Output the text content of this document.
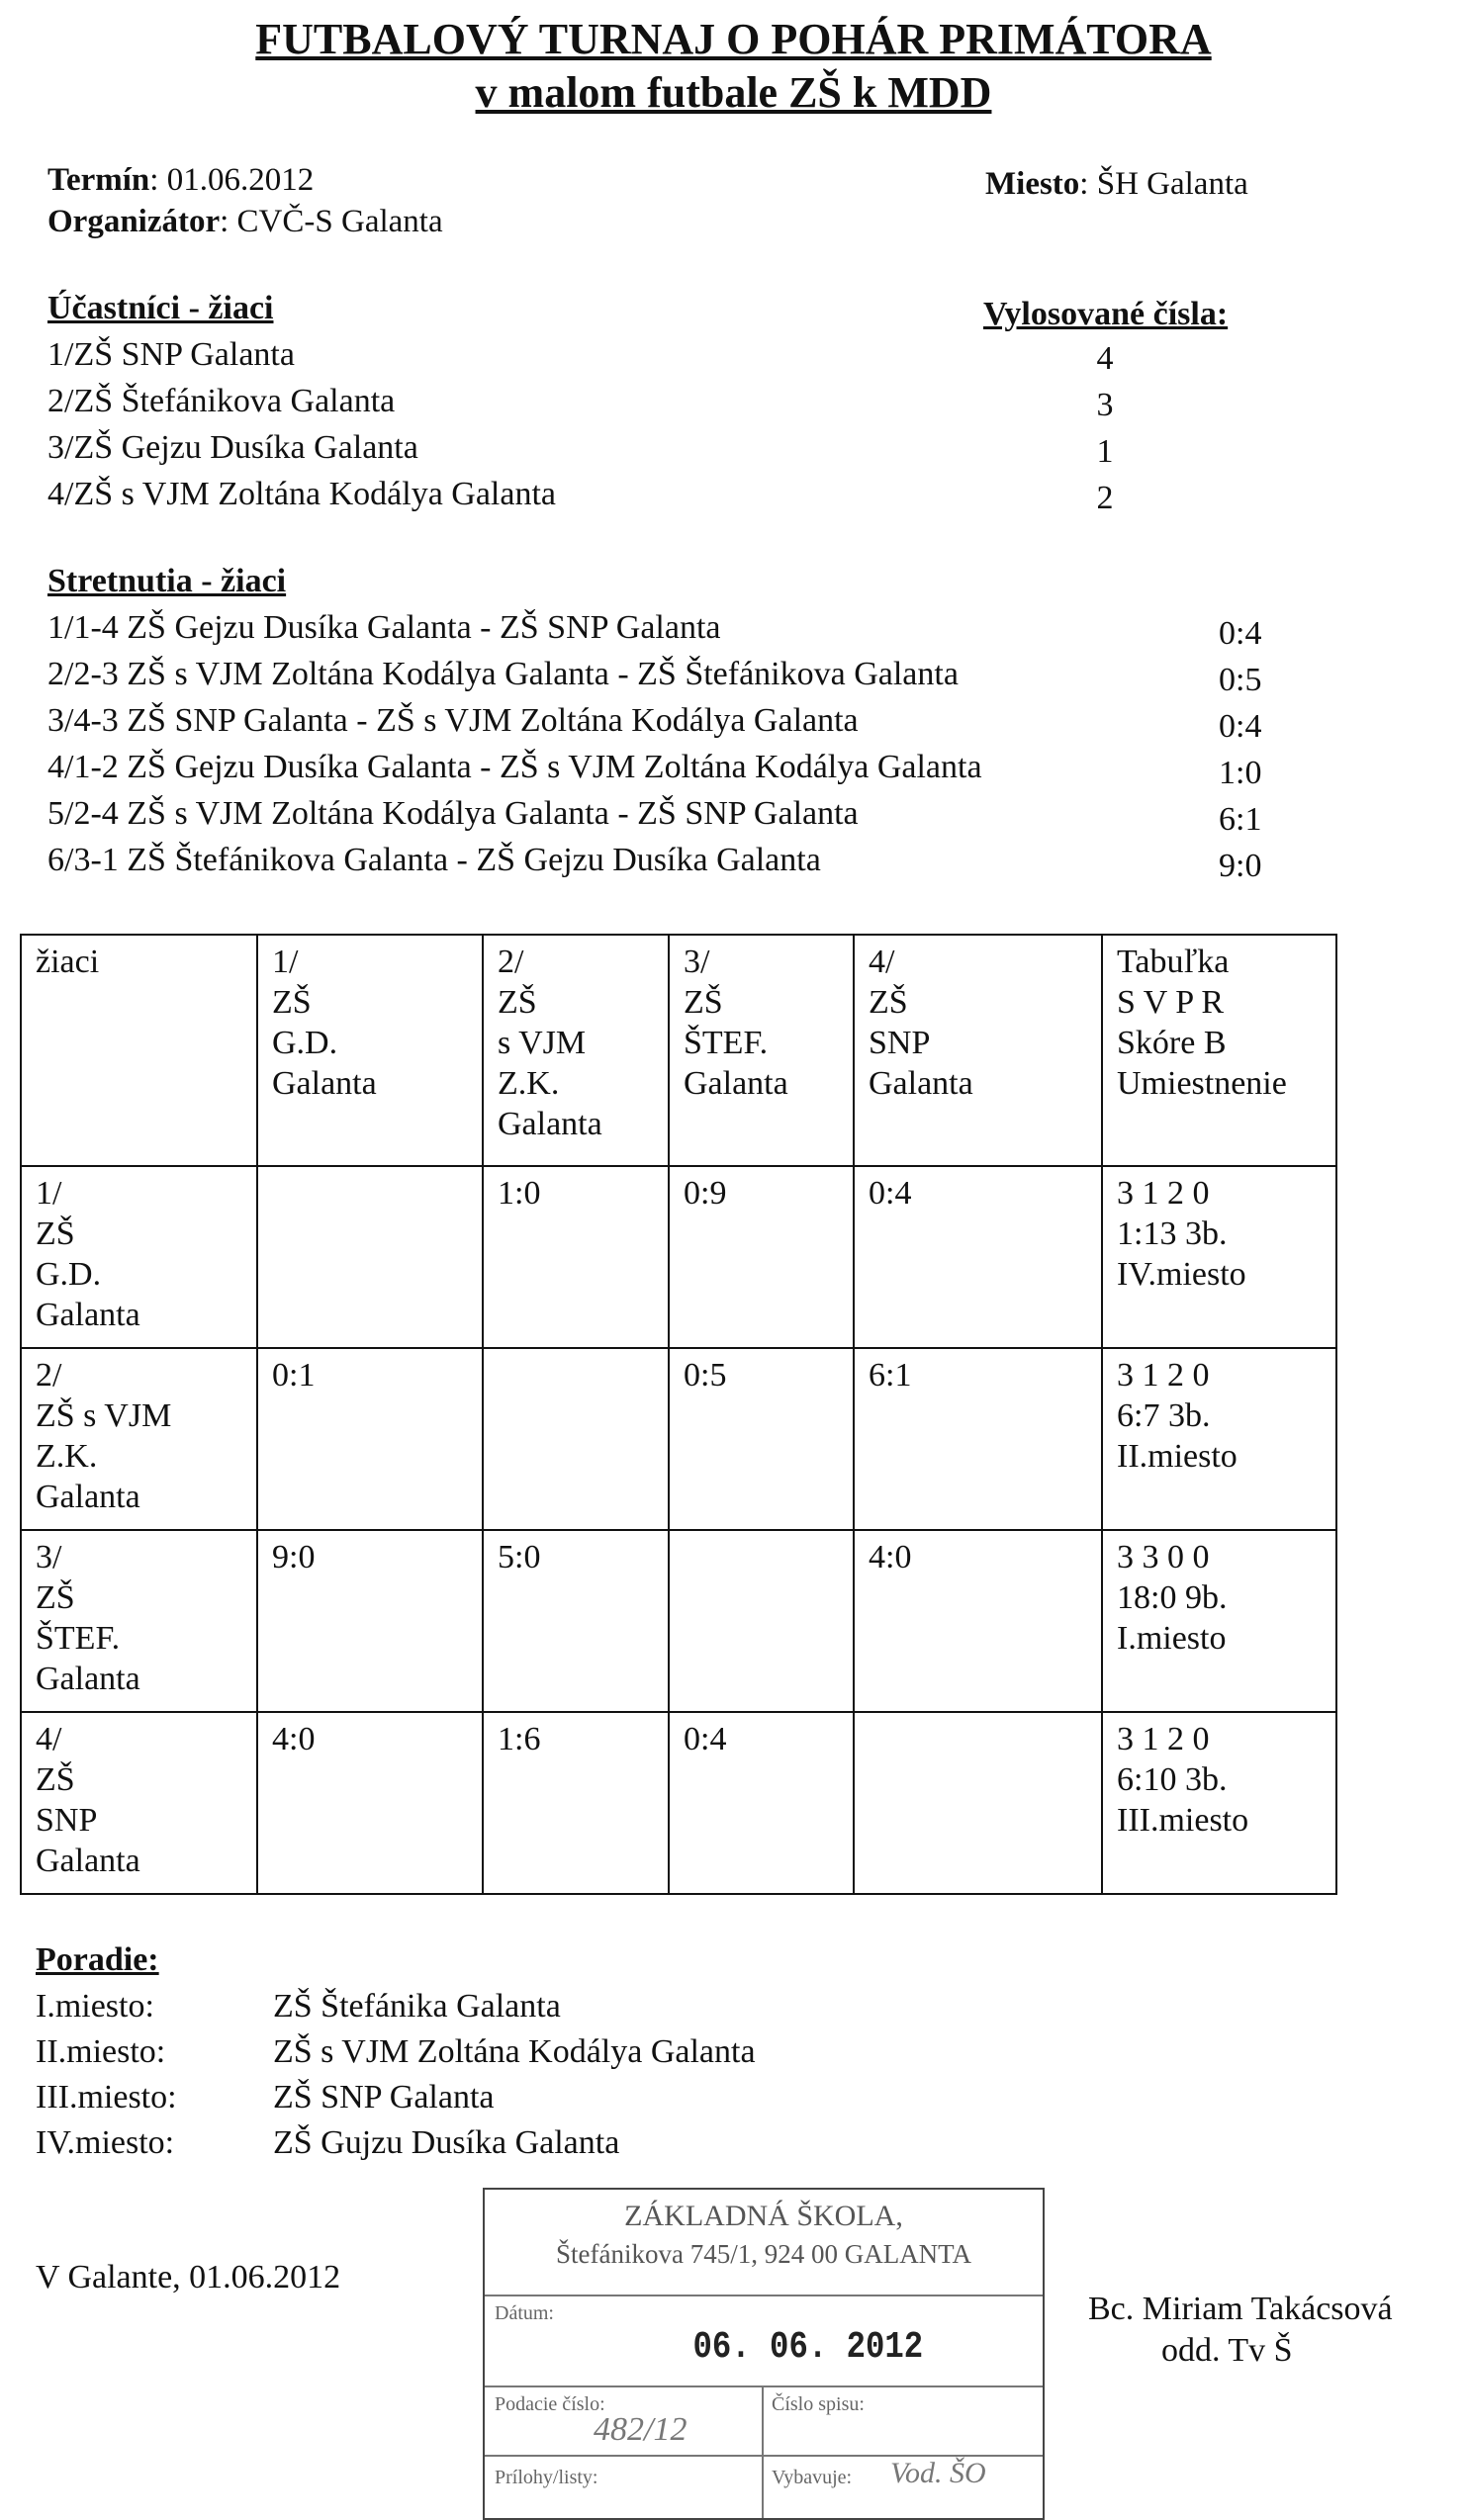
FUTBALOVÝ TURNAJ O POHÁR PRIMÁTORA
v malom futbale ZŠ k MDD
Termín: 01.06.2012
Organizátor: CVČ-S Galanta
Miesto: ŠH Galanta
Účastníci - žiaci	Vylosované čísla:
1/ZŠ SNP Galanta	4
2/ZŠ Štefánikova Galanta	3
3/ZŠ Gejzu Dusíka Galanta	1
4/ZŠ s VJM Zoltána Kodálya Galanta	2
Stretnutia - žiaci
1/1-4 ZŠ Gejzu Dusíka Galanta - ZŠ SNP Galanta	0:4
2/2-3 ZŠ s VJM Zoltána Kodálya Galanta - ZŠ Štefánikova Galanta	0:5
3/4-3 ZŠ SNP Galanta - ZŠ s VJM Zoltána Kodálya Galanta	0:4
4/1-2 ZŠ Gejzu Dusíka Galanta - ZŠ s VJM Zoltána Kodálya Galanta	1:0
5/2-4 ZŠ s VJM Zoltána Kodálya Galanta - ZŠ SNP Galanta	6:1
6/3-1 ZŠ Štefánikova Galanta - ZŠ Gejzu Dusíka Galanta	9:0
žiaci	1/
ZŠ
G.D.
Galanta	2/
ZŠ
s VJM
Z.K.
Galanta	3/
ZŠ
ŠTEF.
Galanta	4/
ZŠ
SNP
Galanta	Tabuľka
S V P R
Skóre B
Umiestnenie
1/
ZŠ
G.D.
Galanta		1:0	0:9	0:4	3 1 2 0
1:13 3b.
IV.miesto
2/
ZŠ s VJM
Z.K.
Galanta	0:1		0:5	6:1	3 1 2 0
6:7 3b.
II.miesto
3/
ZŠ
ŠTEF.
Galanta	9:0	5:0		4:0	3 3 0 0
18:0 9b.
I.miesto
4/
ZŠ
SNP
Galanta	4:0	1:6	0:4		3 1 2 0
6:10 3b.
III.miesto
Poradie:
I.miesto:	ZŠ Štefánika Galanta
II.miesto:	ZŠ s VJM Zoltána Kodálya Galanta
III.miesto:	ZŠ SNP Galanta
IV.miesto:	ZŠ Gujzu Dusíka Galanta
V Galante, 01.06.2012
Bc. Miriam Takácsová
odd. Tv Š
ZÁKLADNÁ ŠKOLA,
Štefánikova 745/1, 924 00 GALANTA
Dátum:
06. 06. 2012
Podacie číslo:
482/12
Číslo spisu:
Prílohy/listy:	Vybavuje: Vod. ŠO
